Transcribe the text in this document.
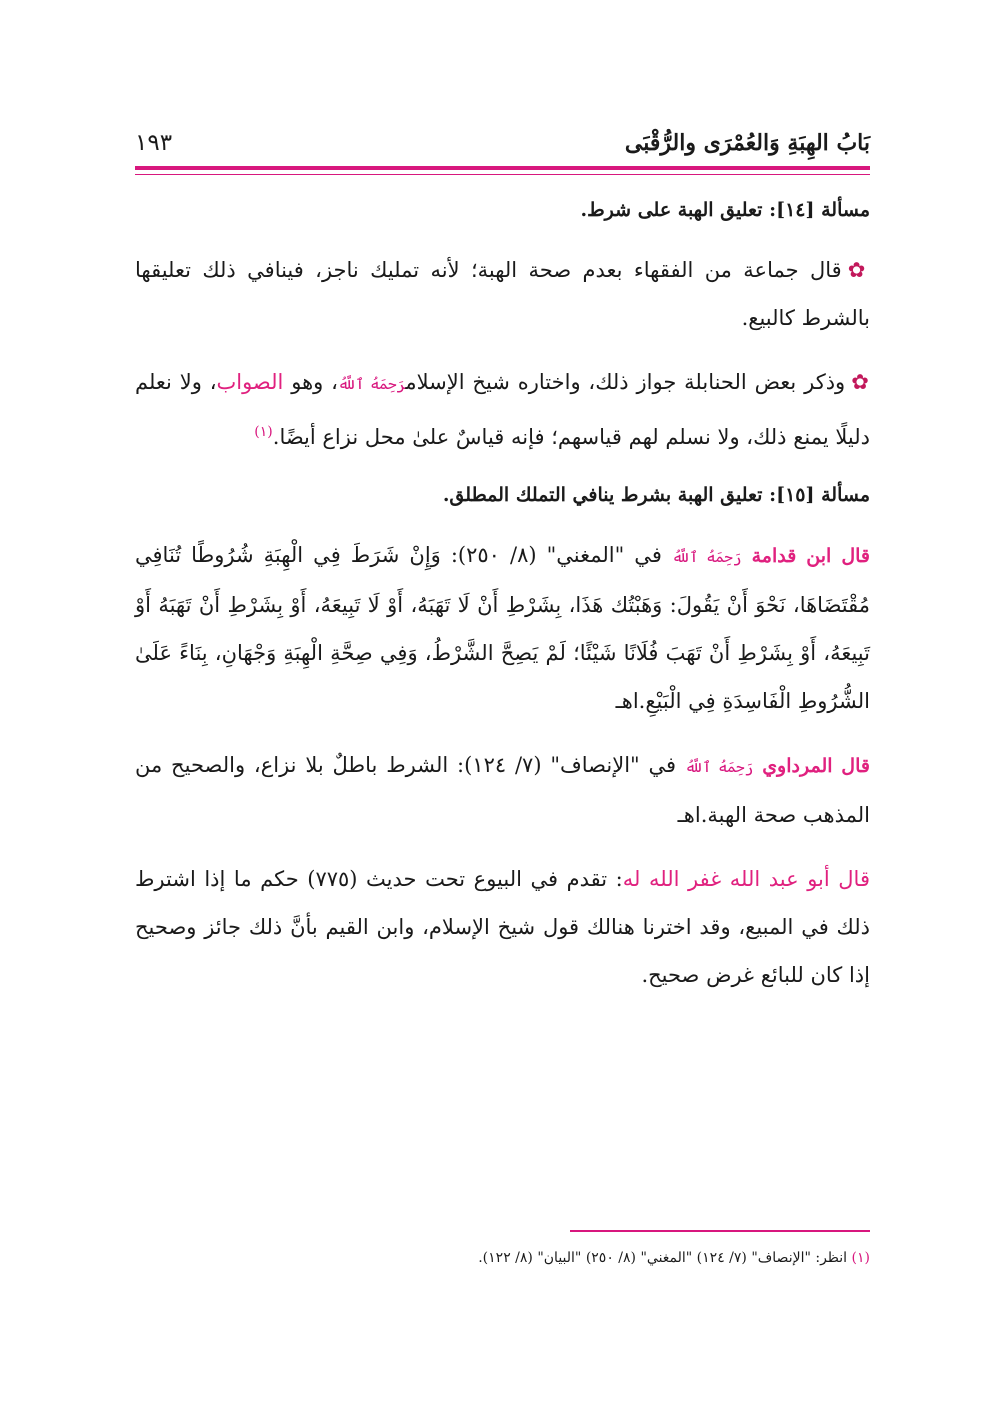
بَابُ الهِبَةِ وَالعُمْرَى والرُّقْبَى
١٩٣
مسألة [١٤]: تعليق الهبة على شرط.

✿قال جماعة من الفقهاء بعدم صحة الهبة؛ لأنه تمليك ناجز، فينافي ذلك تعليقها بالشرط كالبيع.

✿وذكر بعض الحنابلة جواز ذلك، واختاره شيخ الإسلامرَحِمَهُ ٱللَّهُ، وهو الصواب، ولا نعلم دليلًا يمنع ذلك، ولا نسلم لهم قياسهم؛ فإنه قياسٌ علىٰ محل نزاع أيضًا.$^{(١)}$

مسألة [١٥]: تعليق الهبة بشرط ينافي التملك المطلق.

قال ابن قدامة رَحِمَهُ ٱللَّهُ في "المغني" (٨/ ٢٥٠): وَإِنْ شَرَطَ فِي الْهِبَةِ شُرُوطًا تُنَافِي مُقْتَضَاهَا، نَحْوَ أَنْ يَقُولَ: وَهَبْتُك هَذَا، بِشَرْطِ أَنْ لَا تَهَبَهُ، أَوْ لَا تَبِيعَهُ، أَوْ بِشَرْطِ أَنْ تَهَبَهُ أَوْ تَبِيعَهُ، أَوْ بِشَرْطِ أَنْ تَهَبَ فُلَانًا شَيْئًا؛ لَمْ يَصِحَّ الشَّرْطُ، وَفِي صِحَّةِ الْهِبَةِ وَجْهَانِ، بِنَاءً عَلَىٰ الشُّرُوطِ الْفَاسِدَةِ فِي الْبَيْعِ.اهـ

قال المرداوي رَحِمَهُ ٱللَّهُ في "الإنصاف" (٧/ ١٢٤): الشرط باطلٌ بلا نزاع، والصحيح من المذهب صحة الهبة.اهـ

قال أبو عبد الله غفر الله له: تقدم في البيوع تحت حديث (٧٧٥) حكم ما إذا اشترط ذلك في المبيع، وقد اخترنا هنالك قول شيخ الإسلام، وابن القيم بأنَّ ذلك جائز وصحيح إذا كان للبائع غرض صحيح.

(١) انظر: "الإنصاف" (٧/ ١٢٤) "المغني" (٨/ ٢٥٠) "البيان" (٨/ ١٢٢).
